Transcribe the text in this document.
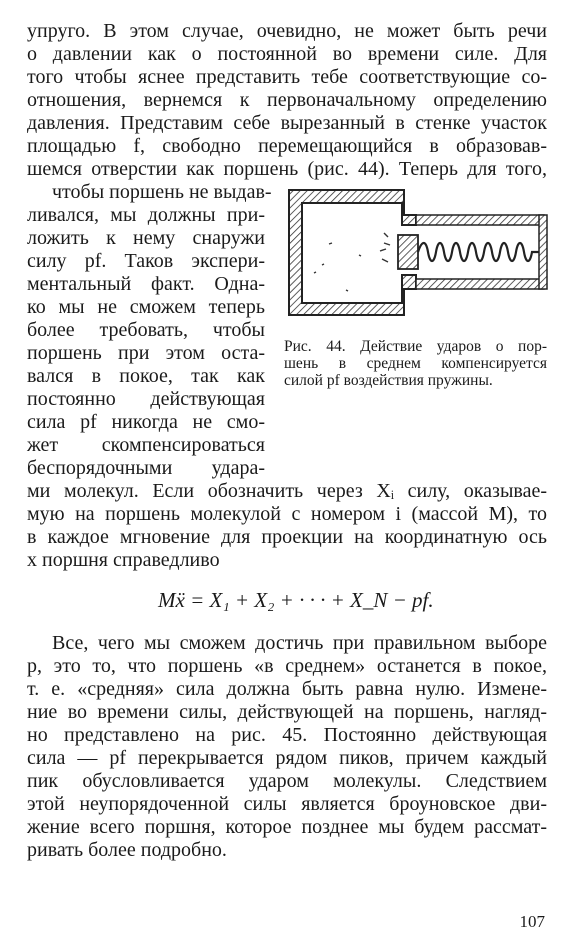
упруго. В этом случае, очевидно, не может быть речи
о давлении как о постоянной во времени силе. Для
того чтобы яснее представить тебе соответствующие со-
отношения, вернемся к первоначальному определению
давления. Представим себе вырезанный в стенке участок
площадью f, свободно перемещающийся в образовав-
шемся отверстии как поршень (рис. 44). Теперь для того,
чтобы поршень не выдав-
ливался, мы должны при-
ложить к нему снаружи
силу pf. Таков экспери-
ментальный факт. Одна-
ко мы не сможем теперь
более требовать, чтобы
поршень при этом оста-
вался в покое, так как
постоянно действующая
сила pf никогда не смо-
жет скомпенсироваться
беспорядочными удара-
Рис. 44. Действие ударов о пор-
шень в среднем компенсируется
силой pf воздействия пружины.
ми молекул. Если обозначить через Xᵢ силу, оказывае-
мую на поршень молекулой с номером i (массой M), то
в каждое мгновение для проекции на координатную ось
x поршня справедливо
Mẍ = X₁ + X₂ + · · · + X_N − pf.
Все, чего мы сможем достичь при правильном выборе
p, это то, что поршень «в среднем» останется в покое,
т. е. «средняя» сила должна быть равна нулю. Измене-
ние во времени силы, действующей на поршень, нагляд-
но представлено на рис. 45. Постоянно действующая
сила — pf перекрывается рядом пиков, причем каждый
пик обусловливается ударом молекулы. Следствием
этой неупорядоченной силы является броуновское дви-
жение всего поршня, которое позднее мы будем рассмат-
ривать более подробно.
107
